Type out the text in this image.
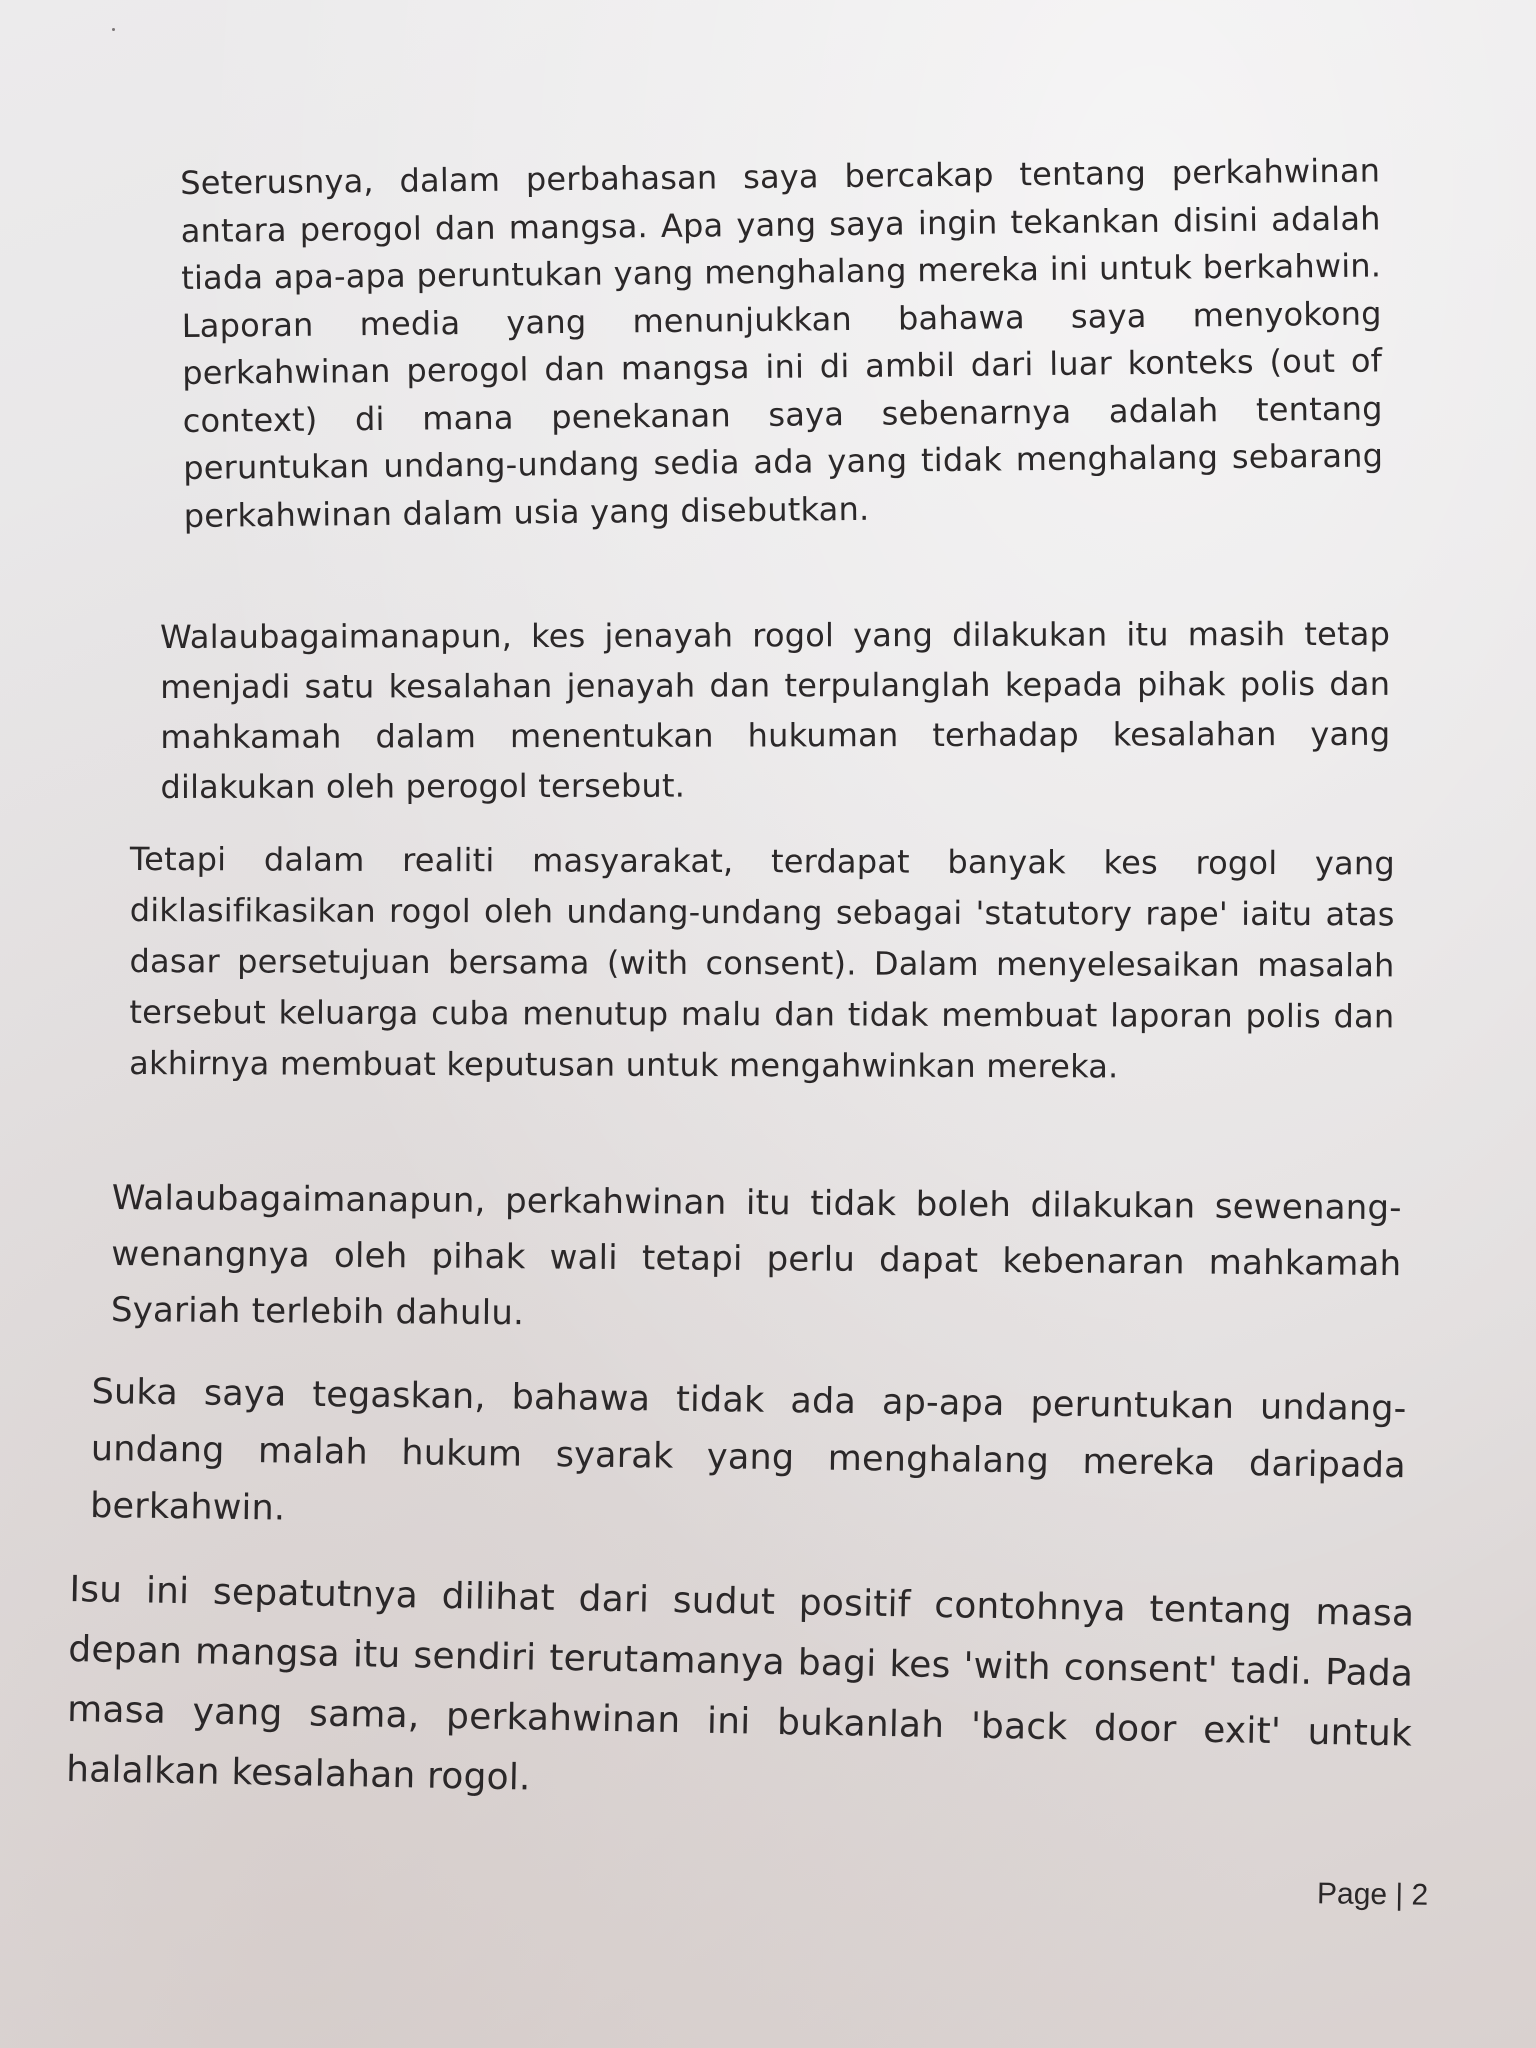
Seterusnya, dalam perbahasan saya bercakap tentang perkahwinan antara perogol dan mangsa. Apa yang saya ingin tekankan disini adalah tiada apa-apa peruntukan yang menghalang mereka ini untuk berkahwin. Laporan media yang menunjukkan bahawa saya menyokong perkahwinan perogol dan mangsa ini di ambil dari luar konteks (out of context) di mana penekanan saya sebenarnya adalah tentang peruntukan undang-undang sedia ada yang tidak menghalang sebarang perkahwinan dalam usia yang disebutkan.

Walaubagaimanapun, kes jenayah rogol yang dilakukan itu masih tetap menjadi satu kesalahan jenayah dan terpulanglah kepada pihak polis dan mahkamah dalam menentukan hukuman terhadap kesalahan yang dilakukan oleh perogol tersebut.

Tetapi dalam realiti masyarakat, terdapat banyak kes rogol yang diklasifikasikan rogol oleh undang-undang sebagai 'statutory rape' iaitu atas dasar persetujuan bersama (with consent). Dalam menyelesaikan masalah tersebut keluarga cuba menutup malu dan tidak membuat laporan polis dan akhirnya membuat keputusan untuk mengahwinkan mereka.

Walaubagaimanapun, perkahwinan itu tidak boleh dilakukan sewenang-wenangnya oleh pihak wali tetapi perlu dapat kebenaran mahkamah Syariah terlebih dahulu.

Suka saya tegaskan, bahawa tidak ada ap-apa peruntukan undang-undang malah hukum syarak yang menghalang mereka daripada berkahwin.

Isu ini sepatutnya dilihat dari sudut positif contohnya tentang masa depan mangsa itu sendiri terutamanya bagi kes 'with consent' tadi. Pada masa yang sama, perkahwinan ini bukanlah 'back door exit' untuk halalkan kesalahan rogol.

Page | 2
